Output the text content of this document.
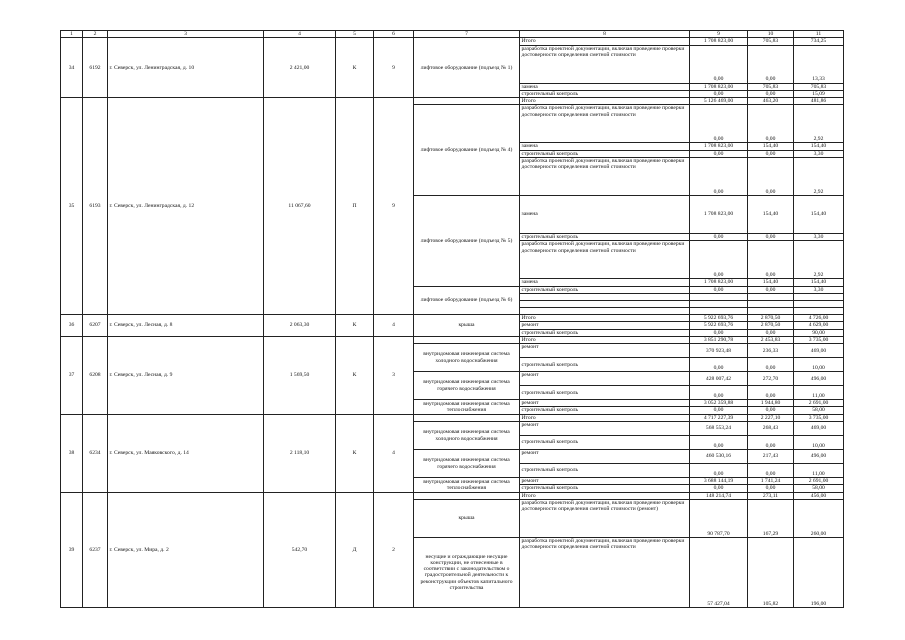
1	2	3	4	5	6	7	8	9	10	11
34	6192	г. Северск, ул. Ленинградская, д. 10	2 421,00	К	9	лифтовое оборудование (подъезд № 1)	Итого	1 708 823,00	705,83	734,25
							разработка проектной документации, включая проведение проверки достоверности определения сметной стоимости	0,00	0,00	13,33
							замена	1 708 823,00	705,83	705,83
							строительный контроль	0,00	0,00	15,09
35	6193	г. Северск, ул. Ленинградская, д. 12	11 067,60	П	9		Итого	5 126 469,00	463,20	481,86
						лифтовое оборудование (подъезд № 4)	разработка проектной документации, включая проведение проверки достоверности определения сметной стоимости	0,00	0,00	2,92
							замена	1 708 823,00	154,40	154,40
							строительный контроль	0,00	0,00	3,30
							разработка проектной документации, включая проведение проверки достоверности определения сметной стоимости	0,00	0,00	2,92
						лифтовое оборудование (подъезд № 5)	замена	1 708 823,00	154,40	154,40
							строительный контроль	0,00	0,00	3,30
							разработка проектной документации, включая проведение проверки достоверности определения сметной стоимости	0,00	0,00	2,92
							замена	1 708 823,00	154,40	154,40
						лифтовое оборудование (подъезд № 6)	строительный контроль	0,00	0,00	3,30

36	6207	г. Северск, ул. Лесная, д. 8	2 063,30	К	4	крыша	Итого	5 922 693,76	2 870,50	4 726,00
							ремонт	5 922 693,76	2 870,50	4 629,00
							строительный контроль	0,00	0,00	90,00
37	6208	г. Северск, ул. Лесная, д. 9	1 569,50	К	3		Итого	3 851 290,78	2 453,83	3 735,00
						внутридомовая инженерная система холодного водоснабжения	ремонт	370 923,48	236,33	469,00
							строительный контроль	0,00	0,00	10,00
						внутридомовая инженерная система горячего водоснабжения	ремонт	428 007,42	272,70	496,00
							строительный контроль	0,00	0,00	11,00
						внутридомовая инженерная система теплоснабжения	ремонт	3 052 359,88	1 944,80	2 691,00
							строительный контроль	0,00	0,00	58,00
38	6234	г. Северск, ул. Маяковского, д. 14	2 118,10	К	4		Итого	4 717 227,39	2 227,10	3 735,00
						внутридомовая инженерная система холодного водоснабжения	ремонт	568 553,24	268,43	469,00
							строительный контроль	0,00	0,00	10,00
						внутридомовая инженерная система горячего водоснабжения	ремонт	460 530,16	217,43	496,00
							строительный контроль	0,00	0,00	11,00
						внутридомовая инженерная система теплоснабжения	ремонт	3 688 144,19	1 741,24	2 691,00
							строительный контроль	0,00	0,00	58,00
39	6237	г. Северск, ул. Мира, д. 2	542,70	Д	2		Итого	148 214,74	273,11	456,00
						крыша	разработка проектной документации, включая проведение проверки достоверности определения сметной стоимости (ремонт)	90 787,70	167,29	260,00
						несущие и ограждающие несущие конструкции, не отнесенные в соответствии с законодательством о градостроительной деятельности к реконструкции объектов капитального строительства	разработка проектной документации, включая проведение проверки достоверности определения сметной стоимости	57 427,04	105,82	196,00
